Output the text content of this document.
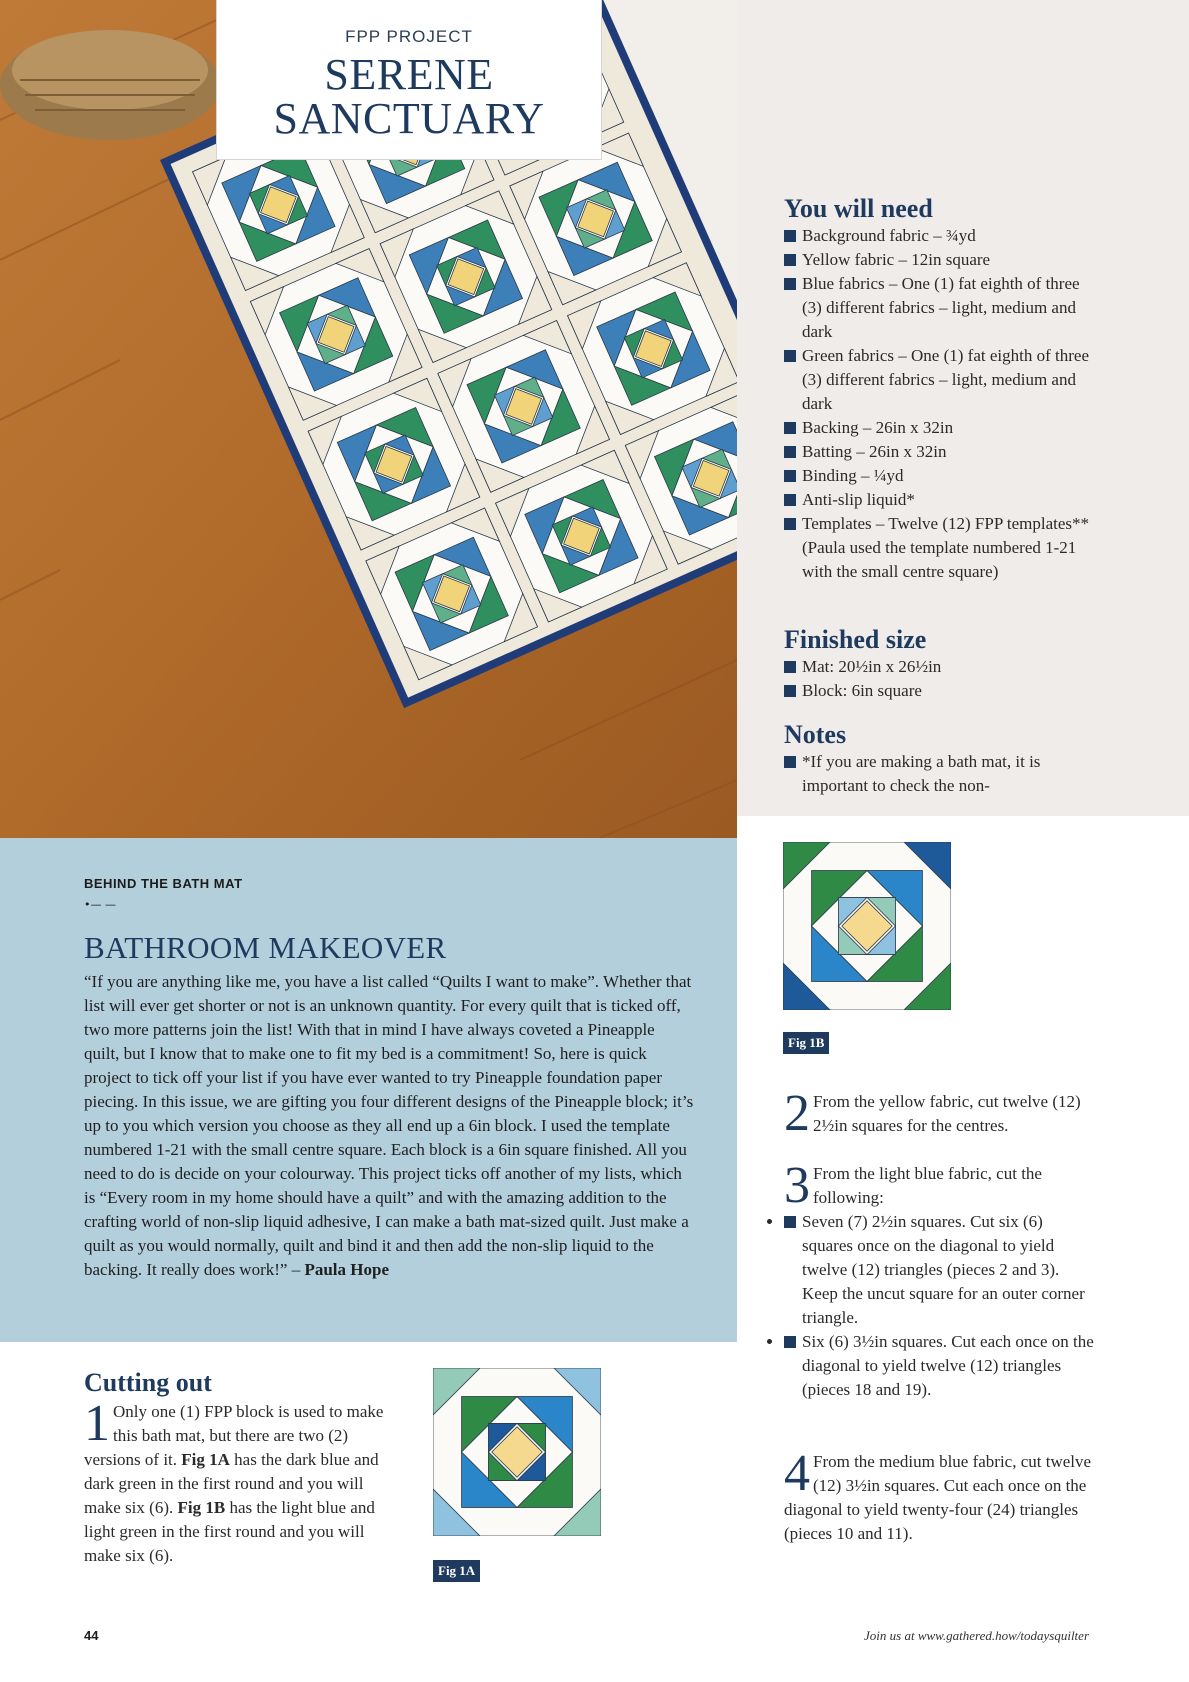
FPP PROJECT
SERENE
SANCTUARY
You will need
Background fabric – ¾yd
Yellow fabric – 12in square
Blue fabrics – One (1) fat eighth of three (3) different fabrics – light, medium and dark
Green fabrics – One (1) fat eighth of three (3) different fabrics – light, medium and dark
Backing – 26in x 32in
Batting – 26in x 32in
Binding – ¼yd
Anti-slip liquid*
Templates – Twelve (12) FPP templates** (Paula used the template numbered 1-21 with the small centre square)
Finished size
Mat: 20½in x 26½in
Block: 6in square
Notes
*If you are making a bath mat, it is important to check the non-
BEHIND THE BATH MAT
•— —
BATHROOM MAKEOVER
“If you are anything like me, you have a list called “Quilts I want to make”. Whether that list will ever get shorter or not is an unknown quantity. For every quilt that is ticked off, two more patterns join the list! With that in mind I have always coveted a Pineapple quilt, but I know that to make one to fit my bed is a commitment! So, here is quick project to tick off your list if you have ever wanted to try Pineapple foundation paper piecing. In this issue, we are gifting you four different designs of the Pineapple block; it’s up to you which version you choose as they all end up a 6in block. I used the template numbered 1-21 with the small centre square. Each block is a 6in square finished. All you need to do is decide on your colourway. This project ticks off another of my lists, which is “Every room in my home should have a quilt” and with the amazing addition to the crafting world of non-slip liquid adhesive, I can make a bath mat-sized quilt. Just make a quilt as you would normally, quilt and bind it and then add the non-slip liquid to the backing. It really does work!” – Paula Hope
Cutting out
1 Only one (1) FPP block is used to make this bath mat, but there are two (2) versions of it. Fig 1A has the dark blue and dark green in the first round and you will make six (6). Fig 1B has the light blue and light green in the first round and you will make six (6).
2 From the yellow fabric, cut twelve (12) 2½in squares for the centres.
3 From the light blue fabric, cut the following:
• Seven (7) 2½in squares. Cut six (6) squares once on the diagonal to yield twelve (12) triangles (pieces 2 and 3). Keep the uncut square for an outer corner triangle.
• Six (6) 3½in squares. Cut each once on the diagonal to yield twelve (12) triangles (pieces 18 and 19).
4 From the medium blue fabric, cut twelve (12) 3½in squares. Cut each once on the diagonal to yield twenty-four (24) triangles (pieces 10 and 11).
Fig 1A
Fig 1B
44	Join us at www.gathered.how/todaysquilter
